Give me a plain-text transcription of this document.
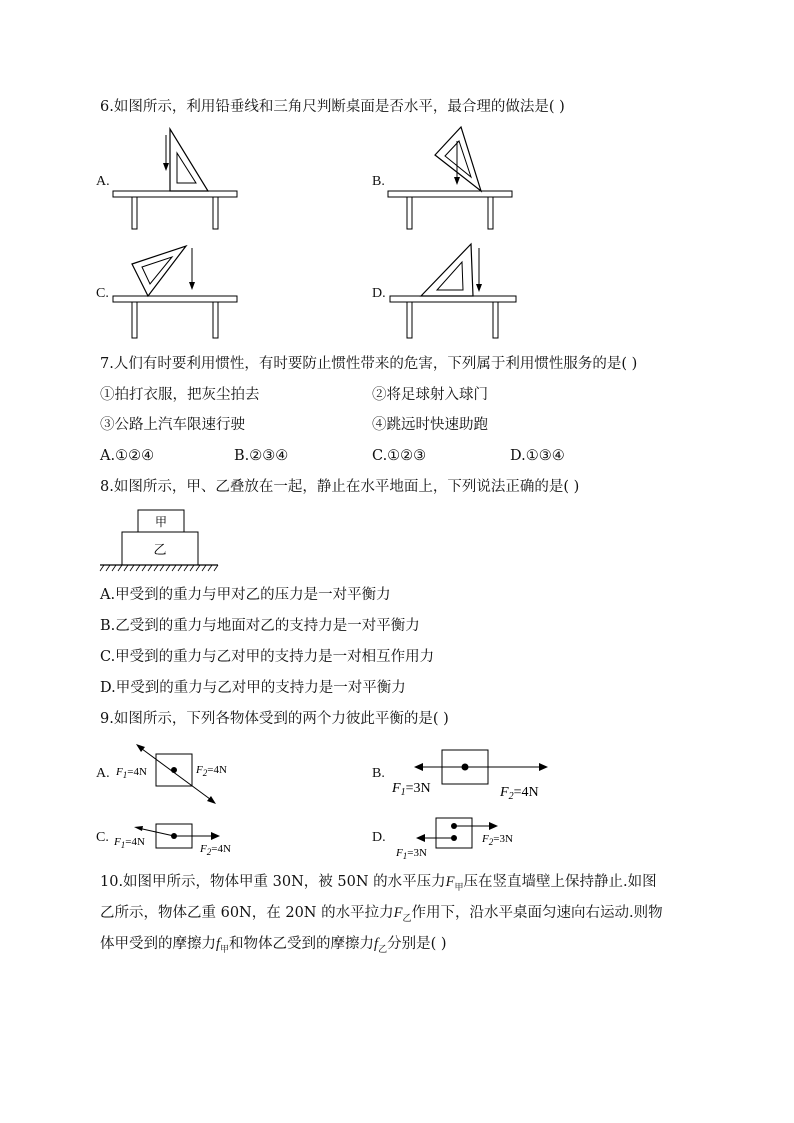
6.如图所示，利用铅垂线和三角尺判断桌面是否水平，最合理的做法是( )
A.	B.
C.	D.
7.人们有时要利用惯性，有时要防止惯性带来的危害，下列属于利用惯性服务的是( )
①拍打衣服，把灰尘拍去	②将足球射入球门
③公路上汽车限速行驶	④跳远时快速助跑
A.①②④	B.②③④	C.①②③	D.①③④
8.如图所示，甲、乙叠放在一起，静止在水平地面上，下列说法正确的是( )
甲
乙
A.甲受到的重力与甲对乙的压力是一对平衡力
B.乙受到的重力与地面对乙的支持力是一对平衡力
C.甲受到的重力与乙对甲的支持力是一对相互作用力
D.甲受到的重力与乙对甲的支持力是一对平衡力
9.如图所示，下列各物体受到的两个力彼此平衡的是( )
A. $F_1=4N$	$F_2=4N$	B.
$F_1=3N$	$F_2=4N$
C. $F_1=4N$
$F_2=4N$
D.
$F_1=3N$
$F_2=3N$
10.如图甲所示，物体甲重 30N，被 50N 的水平压力$F_甲$压在竖直墙壁上保持静止.如图
乙所示，物体乙重 60N，在 20N 的水平拉力$F_乙$作用下，沿水平桌面匀速向右运动.则物
体甲受到的摩擦力$f_甲$和物体乙受到的摩擦力$f_乙$分别是( )
